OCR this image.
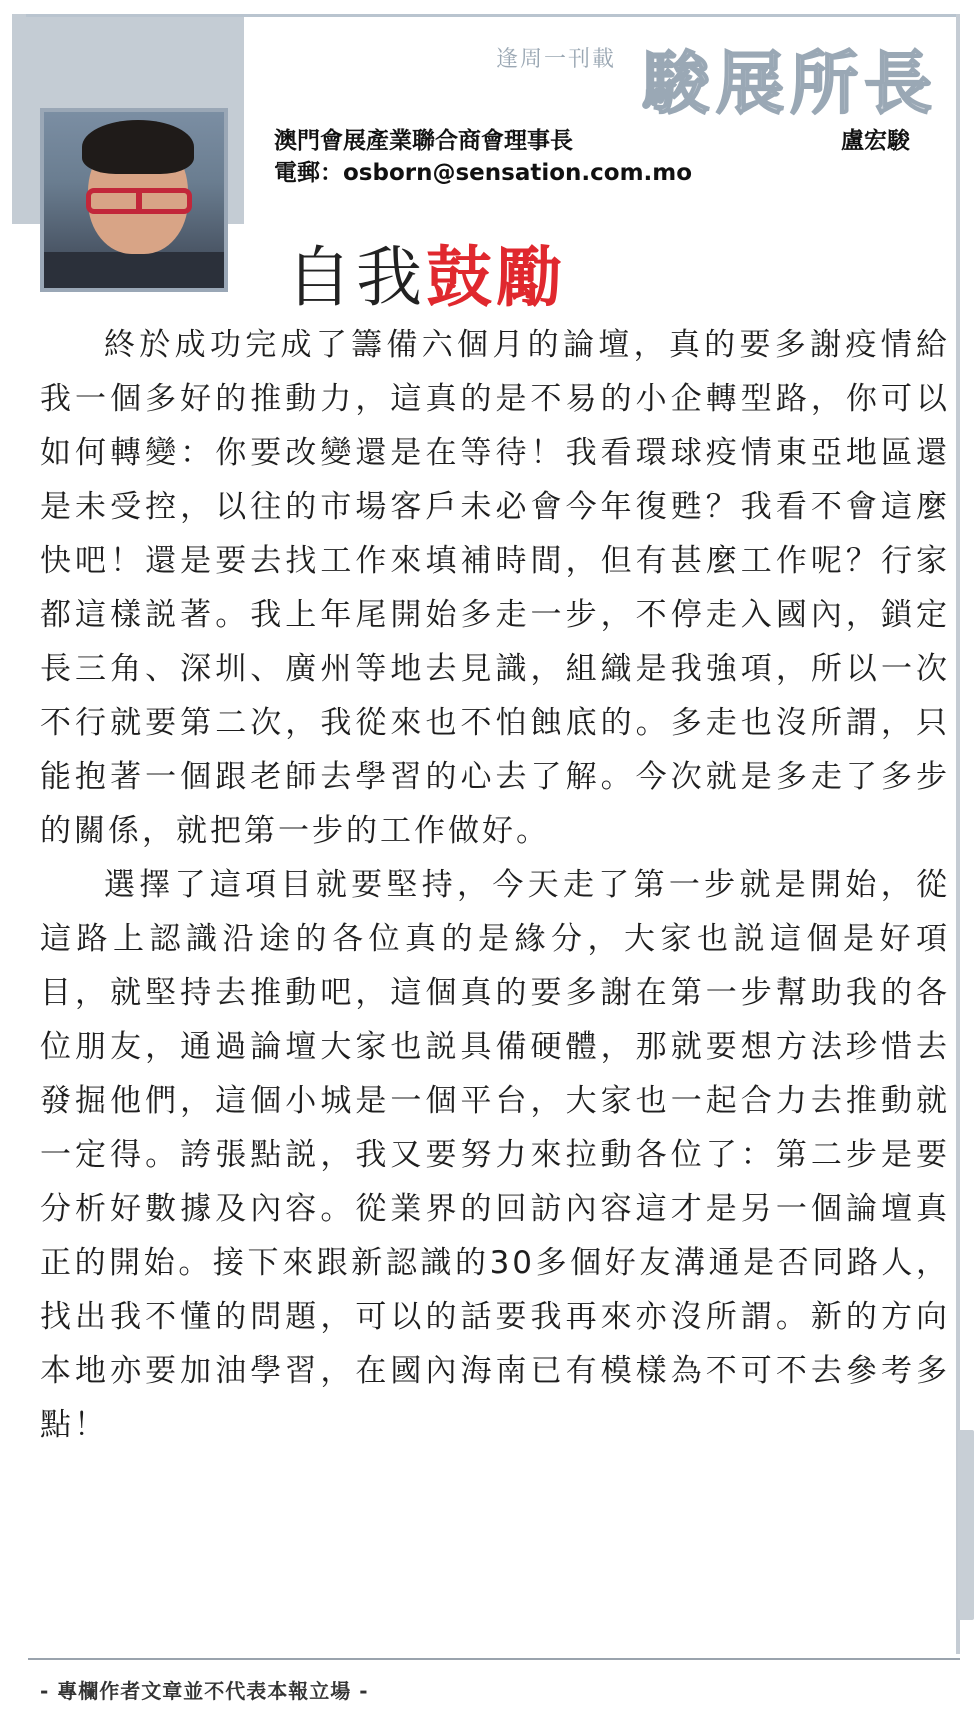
逢周一刊載 駿展所長
澳門會展產業聯合商會理事長
電郵：osborn@sensation.com.mo
盧宏駿
自我鼓勵

終於成功完成了籌備六個月的論壇，真的要多謝疫情給我一個多好的推動力，這真的是不易的小企轉型路，你可以如何轉變：你要改變還是在等待！我看環球疫情東亞地區還是未受控，以往的市場客戶未必會今年復甦？我看不會這麼快吧！還是要去找工作來填補時間，但有甚麼工作呢？行家都這樣説著。我上年尾開始多走一步，不停走入國內，鎖定長三角、深圳、廣州等地去見識，組織是我強項，所以一次不行就要第二次，我從來也不怕蝕底的。多走也沒所謂，只能抱著一個跟老師去學習的心去了解。今次就是多走了多步的關係，就把第一步的工作做好。

選擇了這項目就要堅持，今天走了第一步就是開始，從這路上認識沿途的各位真的是緣分，大家也説這個是好項目，就堅持去推動吧，這個真的要多謝在第一步幫助我的各位朋友，通過論壇大家也説具備硬體，那就要想方法珍惜去發掘他們，這個小城是一個平台，大家也一起合力去推動就一定得。誇張點説，我又要努力來拉動各位了：第二步是要分析好數據及內容。從業界的回訪內容這才是另一個論壇真正的開始。接下來跟新認識的30多個好友溝通是否同路人，找出我不懂的問題，可以的話要我再來亦沒所謂。新的方向本地亦要加油學習，在國內海南已有模樣為不可不去參考多點！

- 專欄作者文章並不代表本報立場 -
